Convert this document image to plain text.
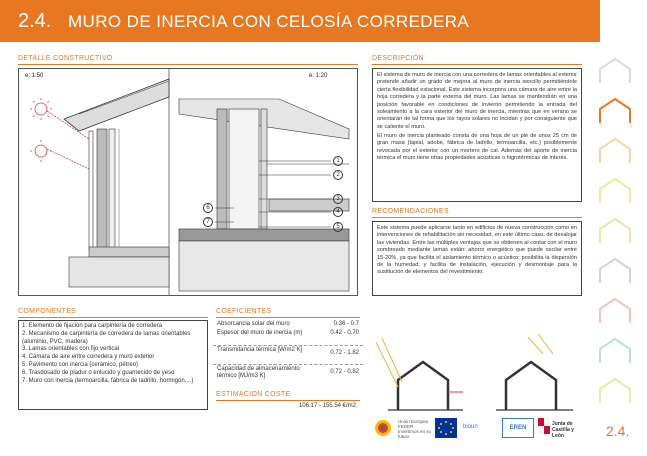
2.4. MURO DE INERCIA CON CELOSÍA CORREDERA
DETALLE CONSTRUCTIVO
e: 1:50	e: 1:20
1
2
3
4
5
6
7
DESCRIPCIÓN

El sistema de muro de inercia con una corredera de lamas orientables al exterior pretende añadir un grado de mejora al muro de inercia sencillo permitiéndole cierta flexibilidad estacional. Este sistema incorpora una cámara de aire entre la hoja corredera y la parte externa del muro. Las lamas se mantendrán en una posición favorable en condiciones de invierno permitiendo la entrada del soleamiento a la cara exterior del muro de inercia, mientras que en verano se orientarán de tal forma que los rayos solares no incidan y por consiguiente que se caliente el muro.

El muro de inercia planteado consta de una hoja de un pie de unos 25 cm de gran masa (tapial, adobe, fábrica de ladrillo, termoarcilla, etc.) posiblemente revocada por el exterior con un mortero de cal. Además del aporte de inercia térmica el muro tiene otras propiedades acústicas o higrotérmicas de interés.

RECOMENDACIONES

Este sistema puede aplicarse tanto en edificios de nueva construcción como en intervenciones de rehabilitación sin necesidad, en este último caso, de desalojar las viviendas. Entre las múltiples ventajas que se obtienen al contar con el muro sombreado mediante lamas están: ahorro energético que puede oscilar entre 15-20%, ya que facilita el aislamiento térmico o acústico; posibilita la dispersión de la humedad; y facilita de instalación, ejecución y desmontaje para la sustitución de elementos del revestimiento.

COMPONENTES
1. Elemento de fijación para carpintería de corredera
2. Mecanismo de carpintería de corredera de lamas orientables (aluminio, PVC, madera)
3. Lamas orientables con fijo vertical
4. Cámara de aire entre corredera y muro exterior
5. Pavimento con inercia (cerámico, pétreo)
6. Trasdosado de pladur o enlucido y guarnecido de yeso
7. Muro con inercia (termoarcilla, fábrica de ladrillo, hormigón,...)
COEFICIENTES
Absorcancia solar del muro	0.36 - 0.7
Espesor del muro de inercia (m)	0.42 - 0.70
Transmitancia térmica [W/m2 K]	0.72 - 1.82
Capacidad de almacenamiento térmico [MJ/m3 K]
0.72 - 0.82
ESTIMACIÓN COSTE
106.17 - 155.54 €/m2
Unión Europea FEDER
Invertimos en su futuro
bioun	EREN
Junta de Castilla y León	2.4.
